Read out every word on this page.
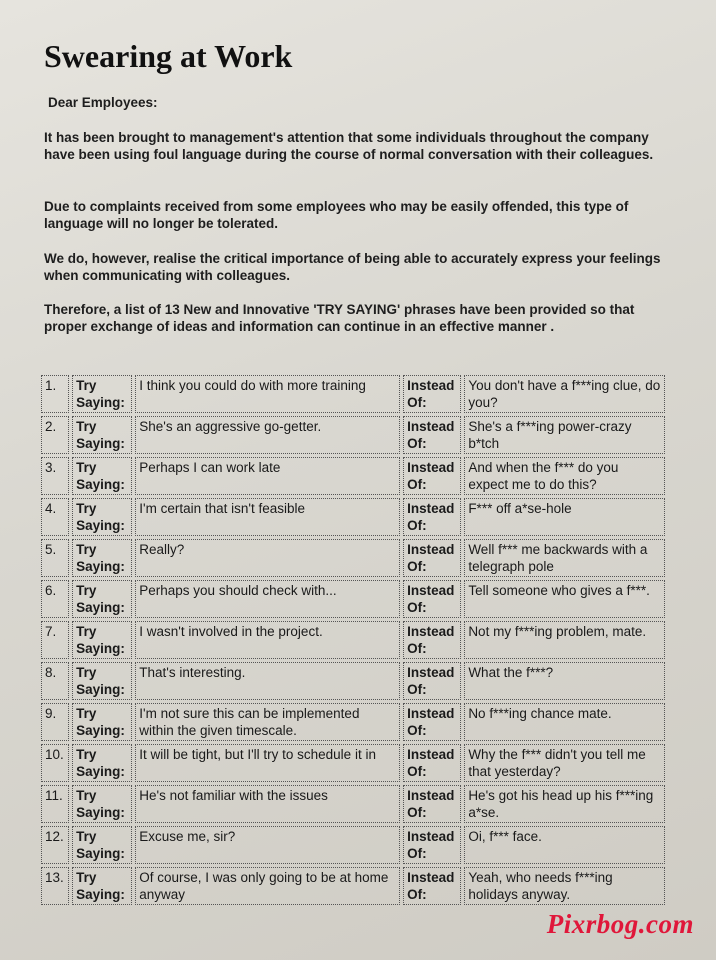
Swearing at Work

Dear Employees:

It has been brought to management's attention that some individuals throughout the company have been using foul language during the course of normal conversation with their colleagues.

Due to complaints received from some employees who may be easily offended, this type of language will no longer be tolerated.

We do, however, realise the critical importance of being able to accurately express your feelings when communicating with colleagues.

Therefore, a list of 13 New and Innovative 'TRY SAYING' phrases have been provided so that proper exchange of ideas and information can continue in an effective manner .

1.	Try Saying:	I think you could do with more training	Instead Of:	You don't have a f***ing clue, do you?
2.	Try Saying:	She's an aggressive go-getter.	Instead Of:	She's a f***ing power-crazy b*tch
3.	Try Saying:	Perhaps I can work late	Instead Of:	And when the f*** do you expect me to do this?
4.	Try Saying:	I'm certain that isn't feasible	Instead Of:	F*** off a*se-hole
5.	Try Saying:	Really?	Instead Of:	Well f*** me backwards with a telegraph pole
6.	Try Saying:	Perhaps you should check with...	Instead Of:	Tell someone who gives a f***.
7.	Try Saying:	I wasn't involved in the project.	Instead Of:	Not my f***ing problem, mate.
8.	Try Saying:	That's interesting.	Instead Of:	What the f***?
9.	Try Saying:	I'm not sure this can be implemented within the given timescale.	Instead Of:	No f***ing chance mate.
10.	Try Saying:	It will be tight, but I'll try to schedule it in	Instead Of:	Why the f*** didn't you tell me that yesterday?
11.	Try Saying:	He's not familiar with the issues	Instead Of:	He's got his head up his f***ing a*se.
12.	Try Saying:	Excuse me, sir?	Instead Of:	Oi, f*** face.
13.	Try Saying:	Of course, I was only going to be at home anyway	Instead Of:	Yeah, who needs f***ing holidays anyway.

Pixrbog.com
